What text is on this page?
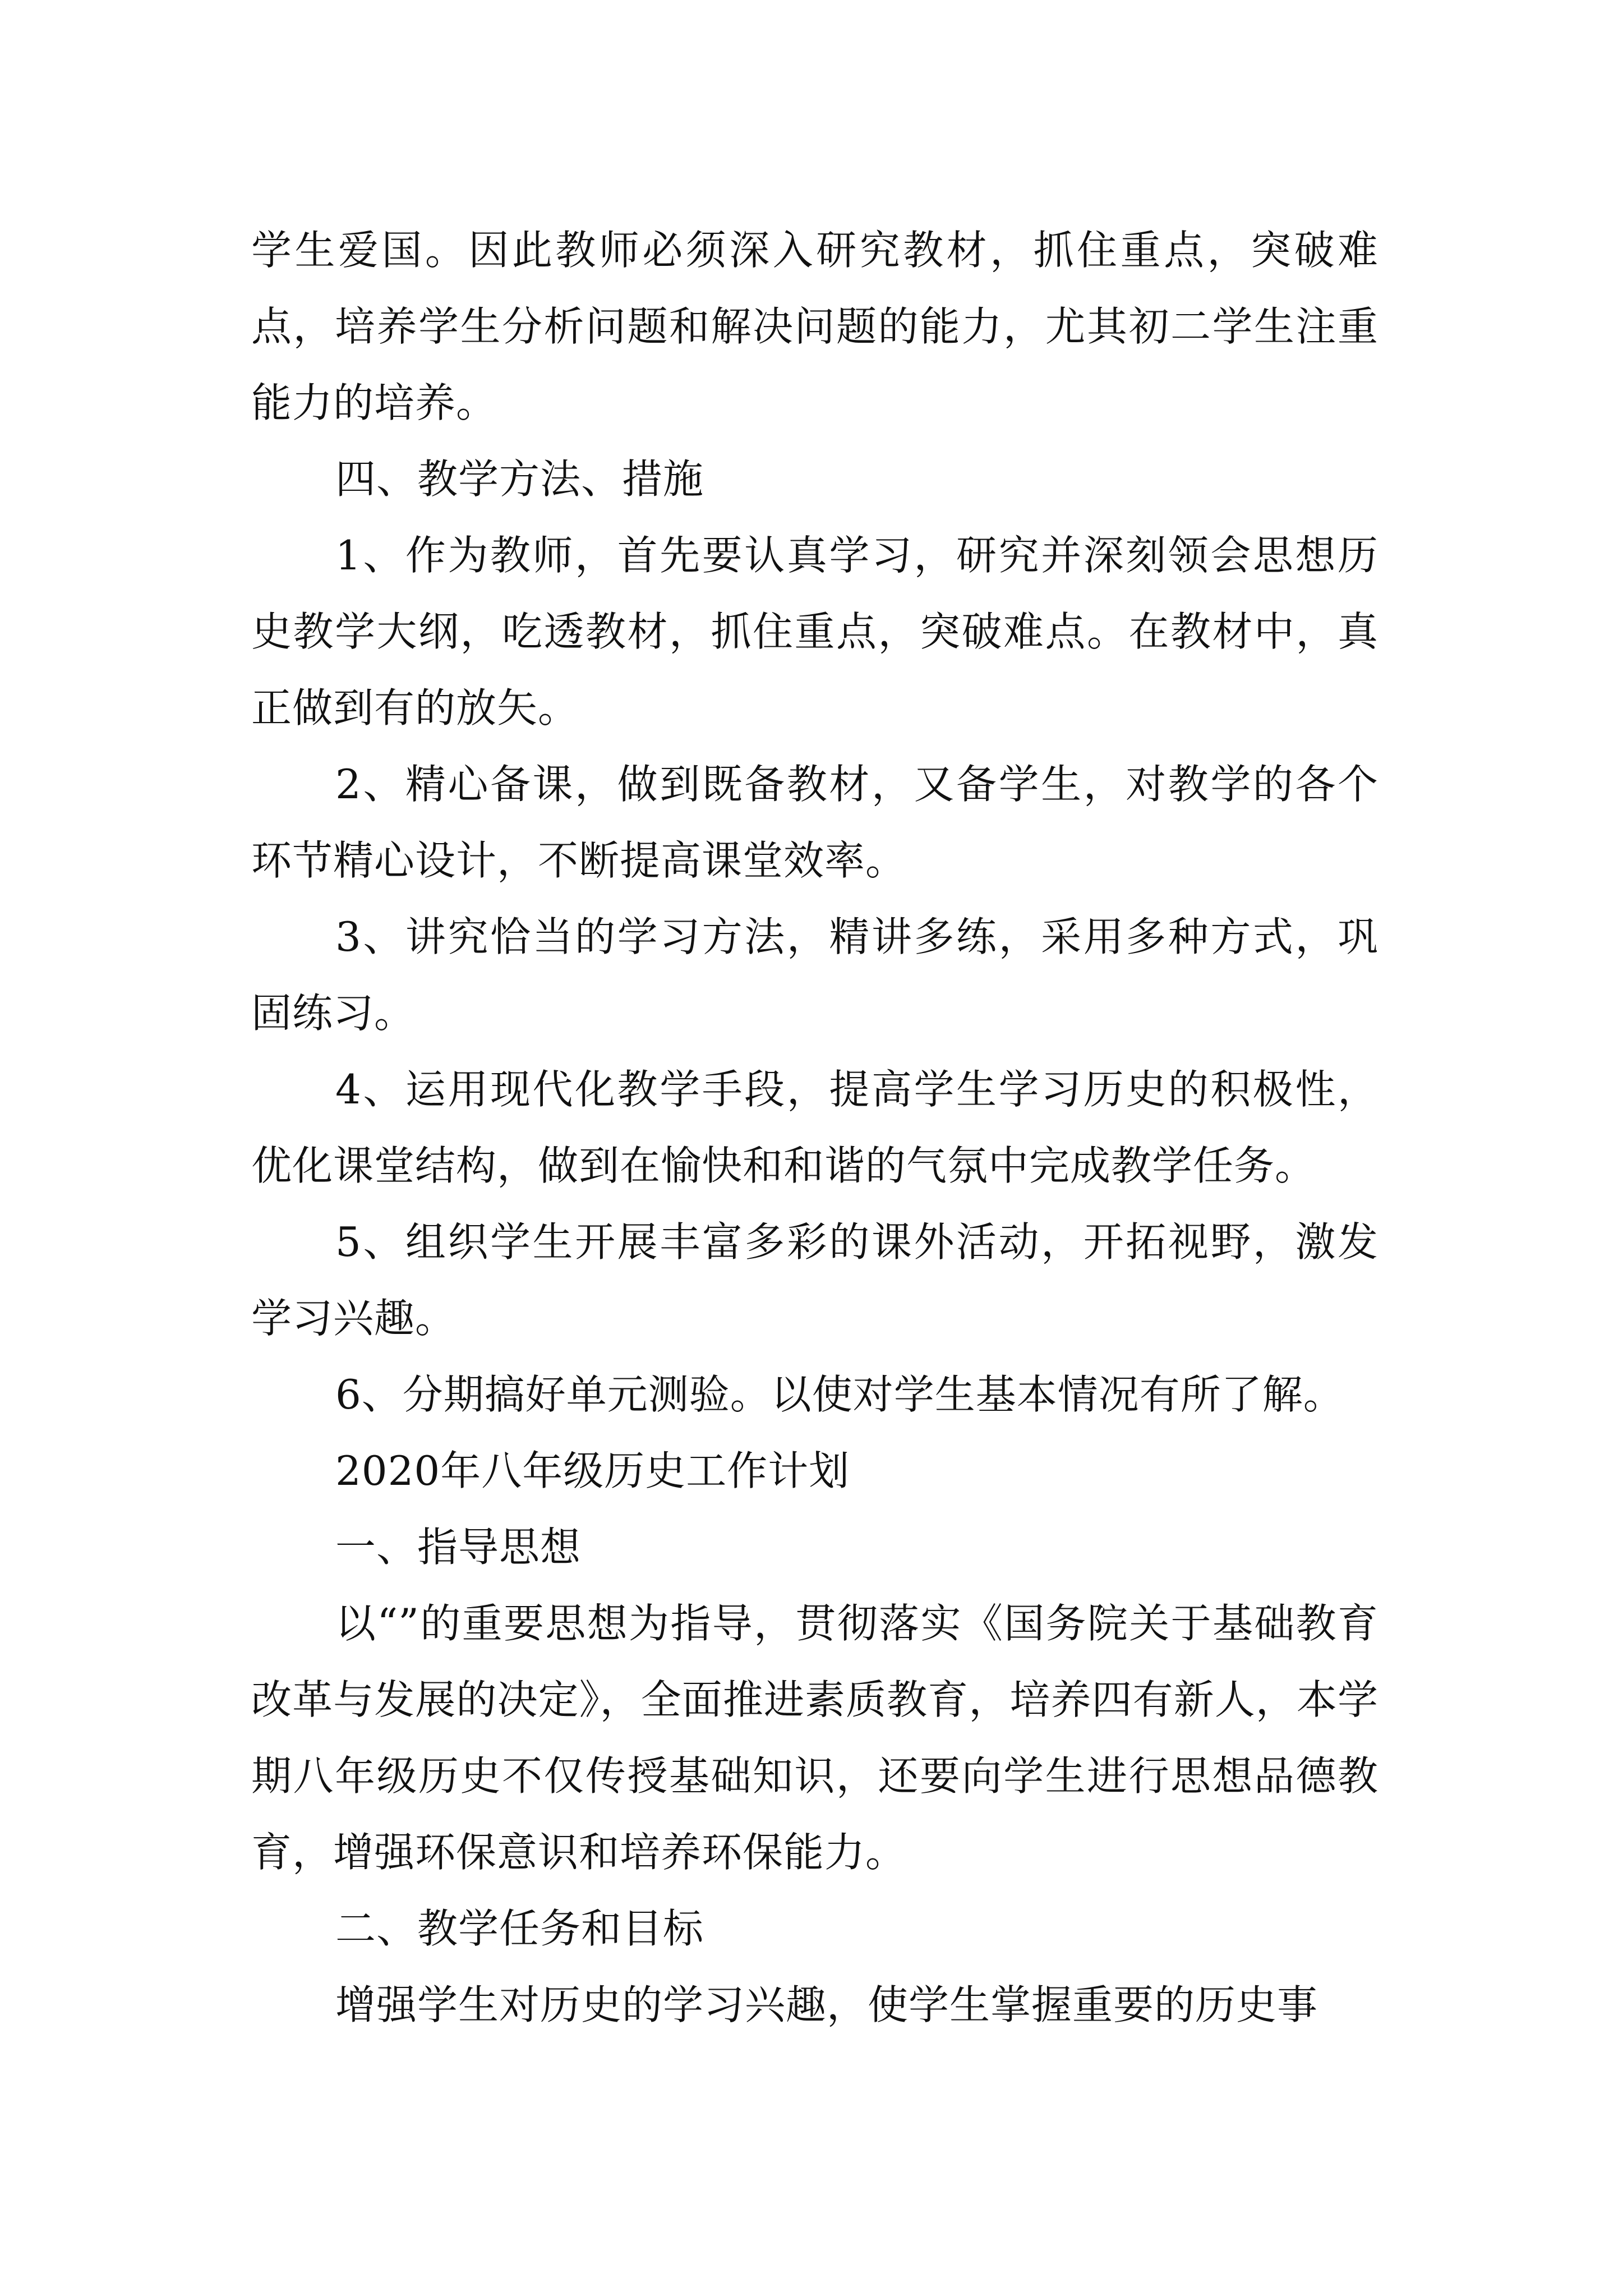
学生爱国。因此教师必须深入研究教材，抓住重点，突破难点，培养学生分析问题和解决问题的能力，尤其初二学生注重能力的培养。

四、教学方法、措施

1、作为教师，首先要认真学习，研究并深刻领会思想历史教学大纲，吃透教材，抓住重点，突破难点。在教材中，真正做到有的放矢。

2、精心备课，做到既备教材，又备学生，对教学的各个环节精心设计，不断提高课堂效率。

3、讲究恰当的学习方法，精讲多练，采用多种方式，巩固练习。

4、运用现代化教学手段，提高学生学习历史的积极性，优化课堂结构，做到在愉快和和谐的气氛中完成教学任务。

5、组织学生开展丰富多彩的课外活动，开拓视野，激发学习兴趣。

6、分期搞好单元测验。以使对学生基本情况有所了解。

2020年八年级历史工作计划

一、指导思想

以“”的重要思想为指导，贯彻落实《国务院关于基础教育改革与发展的决定》，全面推进素质教育，培养四有新人，本学期八年级历史不仅传授基础知识，还要向学生进行思想品德教育，增强环保意识和培养环保能力。

二、教学任务和目标

增强学生对历史的学习兴趣，使学生掌握重要的历史事
